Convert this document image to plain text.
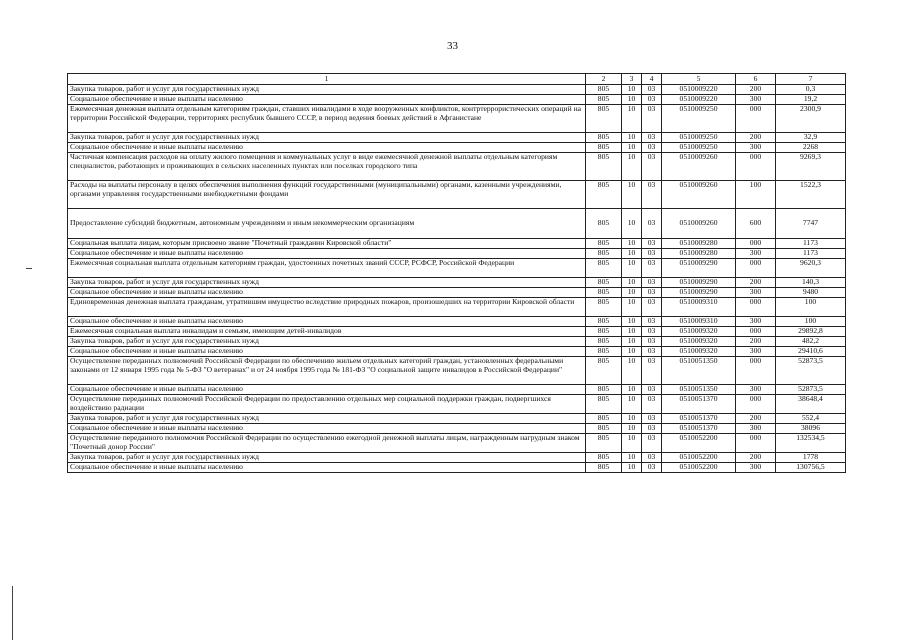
33
1	2	3	4	5	6	7
Закупка товаров, работ и услуг для государственных нужд	805	10	03	0510009220	200	0,3
Социальное обеспечение и иные выплаты населению	805	10	03	0510009220	300	19,2
Ежемесячная денежная выплата отдельным категориям граждан, ставших инвалидами в ходе вооруженных конфликтов, контртеррористических операций на территории Российской Федерации, территориях республик бывшего СССР, в период ведения боевых действий в Афганистане	805	10	03	0510009250	000	2300,9
Закупка товаров, работ и услуг для государственных нужд	805	10	03	0510009250	200	32,9
Социальное обеспечение и иные выплаты населению	805	10	03	0510009250	300	2268
Частичная компенсация расходов на оплату жилого помещения и коммунальных услуг в виде ежемесячной денежной выплаты отдельным категориям специалистов, работающих и проживающих в сельских населенных пунктах или поселках городского типа	805	10	03	0510009260	000	9269,3
Расходы на выплаты персоналу в целях обеспечения выполнения функций государственными (муниципальными) органами, казенными учреждениями, органами управления государственными внебюджетными фондами	805	10	03	0510009260	100	1522,3
Предоставление субсидий бюджетным, автономным учреждениям и иным некоммерческим организациям	805	10	03	0510009260	600	7747
Социальная выплата лицам, которым присвоено звание "Почетный гражданин Кировской области"	805	10	03	0510009280	000	1173
Социальное обеспечение и иные выплаты населению	805	10	03	0510009280	300	1173
Ежемесячная социальная выплата отдельным категориям граждан, удостоенных почетных званий СССР, РСФСР, Российской Федерации	805	10	03	0510009290	000	9620,3
Закупка товаров, работ и услуг для государственных нужд	805	10	03	0510009290	200	140,3
Социальное обеспечение и иные выплаты населению	805	10	03	0510009290	300	9480
Единовременная денежная выплата гражданам, утратившим имущество вследствие природных пожаров, произошедших на территории Кировской области	805	10	03	0510009310	000	100
Социальное обеспечение и иные выплаты населению	805	10	03	0510009310	300	100
Ежемесячная социальная выплата инвалидам и семьям, имеющим детей-инвалидов	805	10	03	0510009320	000	29892,8
Закупка товаров, работ и услуг для государственных нужд	805	10	03	0510009320	200	482,2
Социальное обеспечение и иные выплаты населению	805	10	03	0510009320	300	29410,6
Осуществление переданных полномочий Российской Федерации по обеспечению жильем отдельных категорий граждан, установленных федеральными законами от 12 января 1995 года № 5-ФЗ "О ветеранах" и от 24 ноября 1995 года № 181-ФЗ "О социальной защите инвалидов в Российской Федерации"	805	10	03	0510051350	000	52873,5
Социальное обеспечение и иные выплаты населению	805	10	03	0510051350	300	52873,5
Осуществление переданных полномочий Российской Федерации по предоставлению отдельных мер социальной поддержки граждан, подвергшихся воздействию радиации	805	10	03	0510051370	000	38648,4
Закупка товаров, работ и услуг для государственных нужд	805	10	03	0510051370	200	552,4
Социальное обеспечение и иные выплаты населению	805	10	03	0510051370	300	38096
Осуществление переданного полномочия Российской Федерации по осуществлению ежегодной денежной выплаты лицам, награжденным нагрудным знаком "Почетный донор России"	805	10	03	0510052200	000	132534,5
Закупка товаров, работ и услуг для государственных нужд	805	10	03	0510052200	200	1778
Социальное обеспечение и иные выплаты населению	805	10	03	0510052200	300	130756,5
